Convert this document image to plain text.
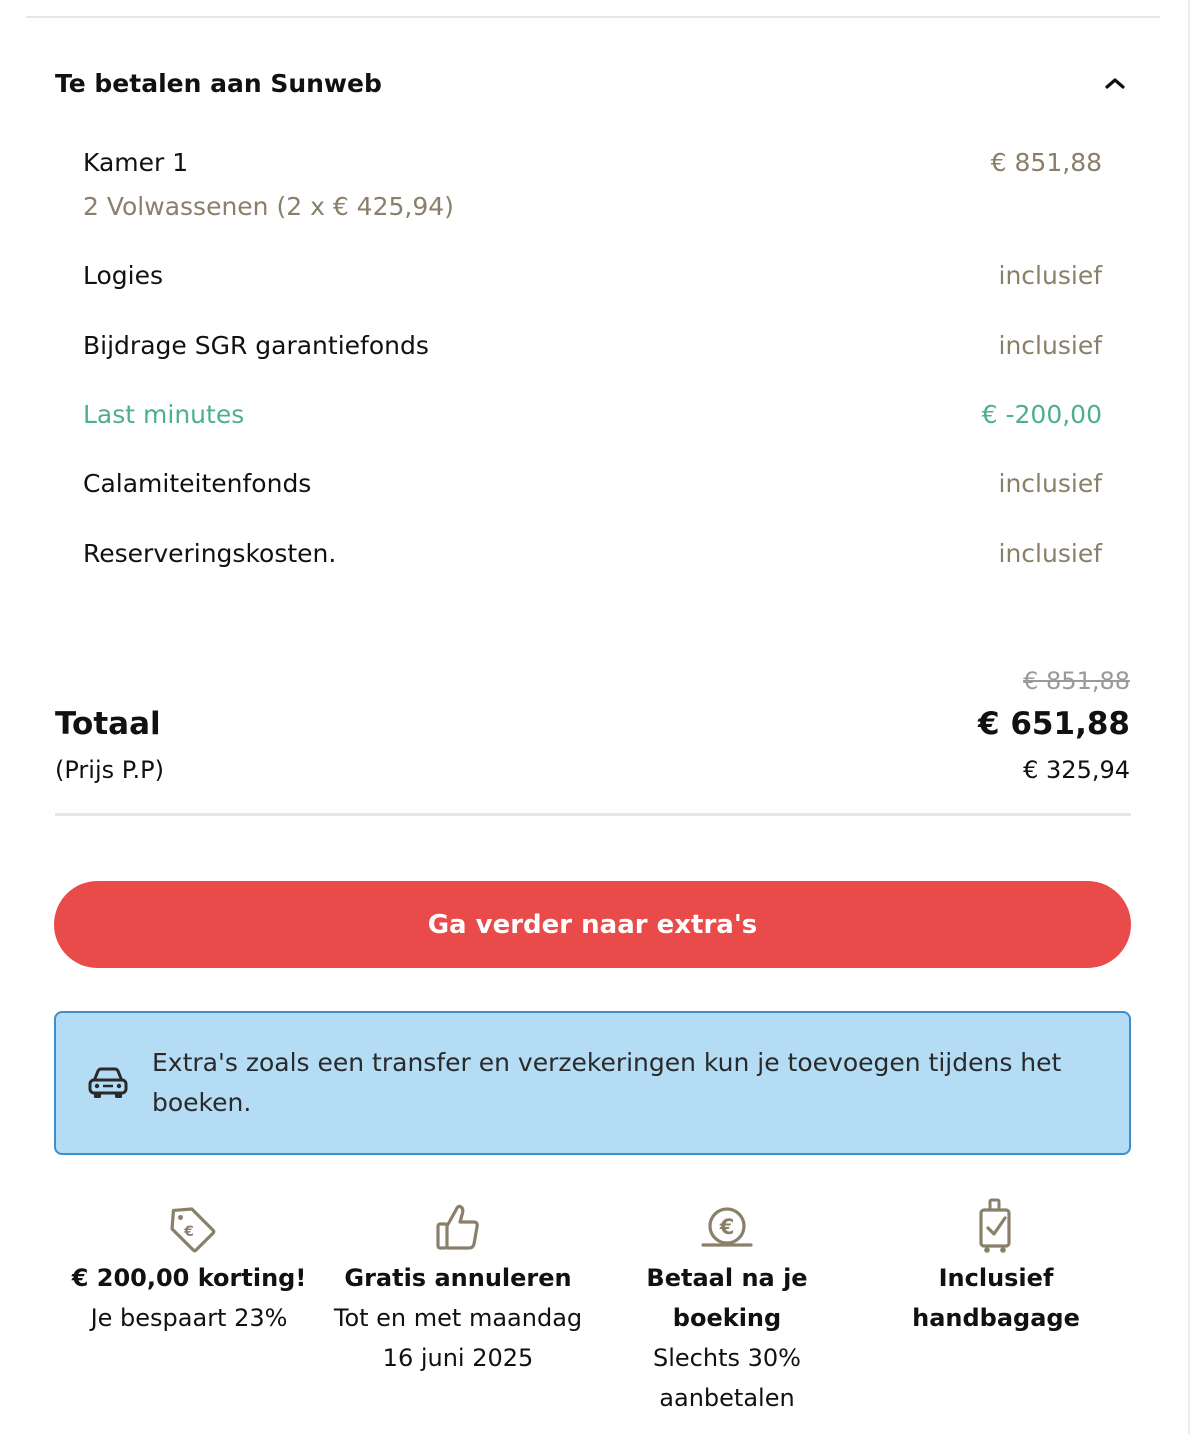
Te betalen aan Sunweb
Kamer 1	€ 851,88
2 Volwassenen (2 x € 425,94)
Logies	inclusief
Bijdrage SGR garantiefonds	inclusief
Last minutes	€ -200,00
Calamiteitenfonds	inclusief
Reserveringskosten.	inclusief
€ 851,88
Totaal	€ 651,88
(Prijs P.P)	€ 325,94
Ga verder naar extra's
Extra's zoals een transfer en verzekeringen kun je toevoegen tijdens het boeken.
€
€ 200,00 korting!
Je bespaart 23%
Gratis annuleren
Tot en met maandag 16 juni 2025
€
Betaal na je boeking
Slechts 30% aanbetalen
Inclusief handbagage
